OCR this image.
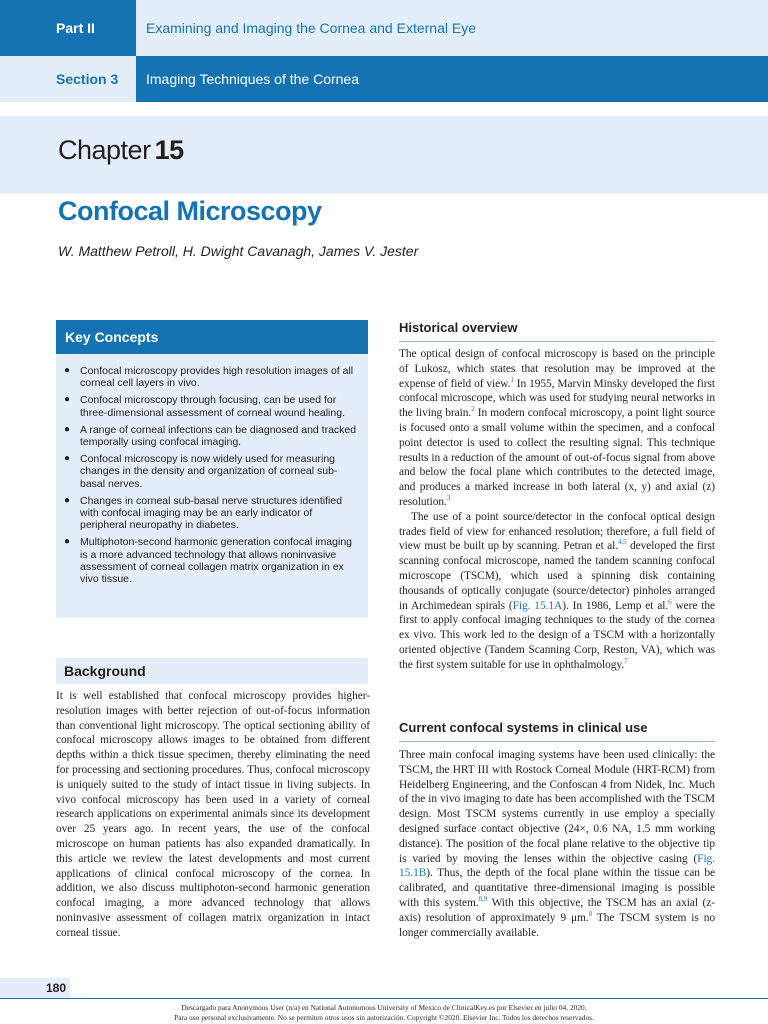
Part II	Examining and Imaging the Cornea and External Eye
Section 3	Imaging Techniques of the Cornea
Chapter 15
Confocal Microscopy
W. Matthew Petroll, H. Dwight Cavanagh, James V. Jester
Key Concepts
● Confocal microscopy provides high resolution images of all corneal cell layers in vivo.
● Confocal microscopy through focusing, can be used for three-dimensional assessment of corneal wound healing.
● A range of corneal infections can be diagnosed and tracked temporally using confocal imaging.
● Confocal microscopy is now widely used for measuring changes in the density and organization of corneal sub-basal nerves.
● Changes in corneal sub-basal nerve structures identified with confocal imaging may be an early indicator of peripheral neuropathy in diabetes.
● Multiphoton-second harmonic generation confocal imaging is a more advanced technology that allows noninvasive assessment of corneal collagen matrix organization in ex vivo tissue.
Background

It is well established that confocal microscopy provides higher-resolution images with better rejection of out-of-focus information than conventional light microscopy. The optical sectioning ability of confocal microscopy allows images to be obtained from different depths within a thick tissue specimen, thereby eliminating the need for processing and sectioning procedures. Thus, confocal microscopy is uniquely suited to the study of intact tissue in living subjects. In vivo confocal microscopy has been used in a variety of corneal research applications on experimental animals since its development over 25 years ago. In recent years, the use of the confocal microscope on human patients has also expanded dramatically. In this article we review the latest developments and most current applications of clinical confocal microscopy of the cornea. In addition, we also discuss multiphoton-second harmonic generation confocal imaging, a more advanced technology that allows noninvasive assessment of collagen matrix organization in intact corneal tissue.

Historical overview

The optical design of confocal microscopy is based on the principle of Lukosz, which states that resolution may be improved at the expense of field of view.$^1$ In 1955, Marvin Minsky developed the first confocal microscope, which was used for studying neural networks in the living brain.$^2$ In modern confocal microscopy, a point light source is focused onto a small volume within the specimen, and a confocal point detector is used to collect the resulting signal. This technique results in a reduction of the amount of out-of-focus signal from above and below the focal plane which contributes to the detected image, and produces a marked increase in both lateral (x, y) and axial (z) resolution.$^3$

The use of a point source/detector in the confocal optical design trades field of view for enhanced resolution; therefore, a full field of view must be built up by scanning. Petran et al.$^{4,5}$ developed the first scanning confocal microscope, named the tandem scanning confocal microscope (TSCM), which used a spinning disk containing thousands of optically conjugate (source/detector) pinholes arranged in Archimedean spirals (Fig. 15.1A). In 1986, Lemp et al.$^6$ were the first to apply confocal imaging techniques to the study of the cornea ex vivo. This work led to the design of a TSCM with a horizontally oriented objective (Tandem Scanning Corp, Reston, VA), which was the first system suitable for use in ophthalmology.$^7$

Current confocal systems in clinical use

Three main confocal imaging systems have been used clinically: the TSCM, the HRT III with Rostock Corneal Module (HRT-RCM) from Heidelberg Engineering, and the Confoscan 4 from Nidek, Inc. Much of the in vivo imaging to date has been accomplished with the TSCM design. Most TSCM systems currently in use employ a specially designed surface contact objective (24×, 0.6 NA, 1.5 mm working distance). The position of the focal plane relative to the objective tip is varied by moving the lenses within the objective casing (Fig. 15.1B). Thus, the depth of the focal plane within the tissue can be calibrated, and quantitative three-dimensional imaging is possible with this system.$^{8,9}$ With this objective, the TSCM has an axial (z-axis) resolution of approximately 9 μm.$^8$ The TSCM system is no longer commercially available.

180
Descargado para Anonymous User (n/a) en National Autonomous University of Mexico de ClinicalKey.es por Elsevier en julio 04, 2020.
Para uso personal exclusivamente. No se permiten otros usos sin autorización. Copyright ©2020. Elsevier Inc. Todos los derechos reservados.
